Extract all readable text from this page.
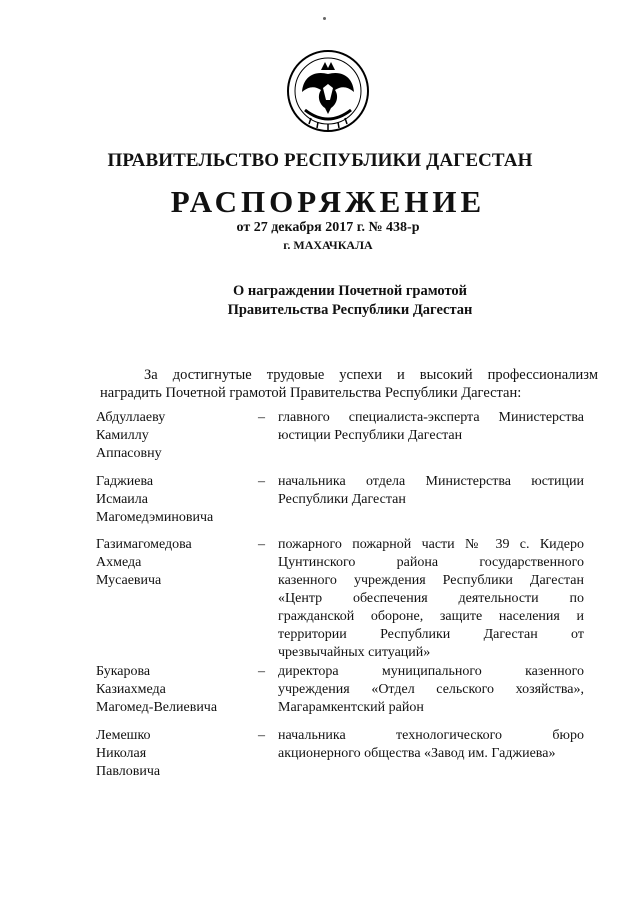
ПРАВИТЕЛЬСТВО РЕСПУБЛИКИ ДАГЕСТАН
РАСПОРЯЖЕНИЕ
от 27 декабря 2017 г. № 438-р
г. МАХАЧКАЛА
О награждении Почетной грамотой
Правительства Республики Дагестан
За достигнутые трудовые успехи и высокий профессионализм
наградить Почетной грамотой Правительства Республики Дагестан:
Абдуллаеву
Камиллу
Аппасовну
– главного специалиста-эксперта Министерства
юстиции Республики Дагестан
Гаджиева
Исмаила
Магомедэминовича
– начальника отдела Министерства юстиции
Республики Дагестан
Газимагомедова
Ахмеда
Мусаевича
– пожарного пожарной части № 39 с. Кидеро
Цунтинского района государственного
казенного учреждения Республики Дагестан
«Центр обеспечения деятельности по
гражданской обороне, защите населения и
территории Республики Дагестан от
чрезвычайных ситуаций»
Букарова
Казиахмеда
Магомед-Велиевича
– директора муниципального казенного
учреждения «Отдел сельского хозяйства»,
Магарамкентский район
Лемешко
Николая
Павловича
– начальника технологического бюро
акционерного общества «Завод им. Гаджиева»
